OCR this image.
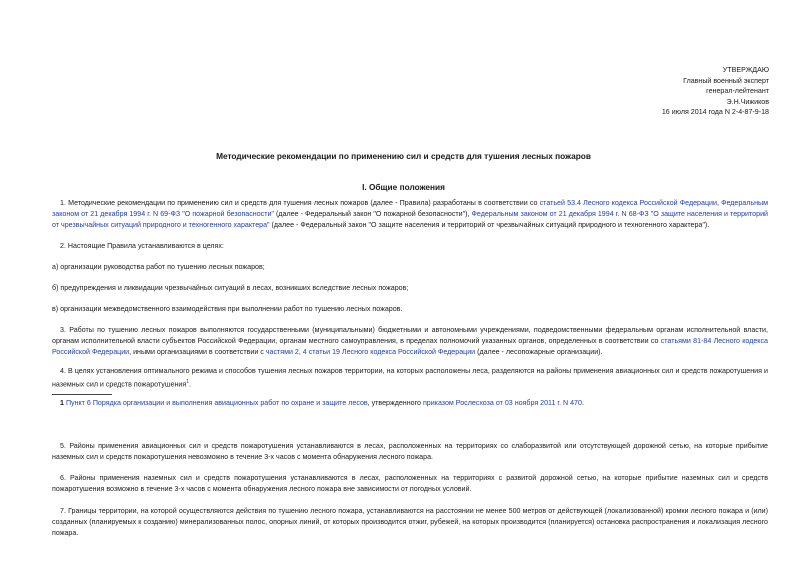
УТВЕРЖДАЮ
Главный военный эксперт
генерал-лейтенант
Э.Н.Чижиков
16 июля 2014 года N 2-4-87-9-18
Методические рекомендации по применению сил и средств для тушения лесных пожаров
I. Общие положения
1. Методические рекомендации по применению сил и средств для тушения лесных пожаров (далее - Правила) разработаны в соответствии со статьей 53.4 Лесного кодекса Российской Федерации, Федеральным законом от 21 декабря 1994 г. N 69-ФЗ "О пожарной безопасности" (далее - Федеральный закон "О пожарной безопасности"), Федеральным законом от 21 декабря 1994 г. N 68-ФЗ "О защите населения и территорий от чрезвычайных ситуаций природного и техногенного характера" (далее - Федеральный закон "О защите населения и территорий от чрезвычайных ситуаций природного и техногенного характера").
2. Настоящие Правила устанавливаются в целях:
а) организации руководства работ по тушению лесных пожаров;
б) предупреждения и ликвидации чрезвычайных ситуаций в лесах, возникших вследствие лесных пожаров;
в) организации межведомственного взаимодействия при выполнении работ по тушению лесных пожаров.
3. Работы по тушению лесных пожаров выполняются государственными (муниципальными) бюджетными и автономными учреждениями, подведомственными федеральным органам исполнительной власти, органам исполнительной власти субъектов Российской Федерации, органам местного самоуправления, в пределах полномочий указанных органов, определенных в соответствии со статьями 81-84 Лесного кодекса Российской Федерации, иными организациями в соответствии с частями 2, 4 статьи 19 Лесного кодекса Российской Федерации (далее - лесопожарные организации).
4. В целях установления оптимального режима и способов тушения лесных пожаров территории, на которых расположены леса, разделяются на районы применения авиационных сил и средств пожаротушения и наземных сил и средств пожаротушения$^1$.
1 Пункт 6 Порядка организации и выполнения авиационных работ по охране и защите лесов, утвержденного приказом Рослесхоза от 03 ноября 2011 г. N 470.
5. Районы применения авиационных сил и средств пожаротушения устанавливаются в лесах, расположенных на территориях со слаборазвитой или отсутствующей дорожной сетью, на которые прибытие наземных сил и средств пожаротушения невозможно в течение 3-х часов с момента обнаружения лесного пожара.
6. Районы применения наземных сил и средств пожаротушения устанавливаются в лесах, расположенных на территориях с развитой дорожной сетью, на которые прибытие наземных сил и средств пожаротушения возможно в течение 3-х часов с момента обнаружения лесного пожара вне зависимости от погодных условий.
7. Границы территории, на которой осуществляются действия по тушению лесного пожара, устанавливаются на расстоянии не менее 500 метров от действующей (локализованной) кромки лесного пожара и (или) созданных (планируемых к созданию) минерализованных полос, опорных линий, от которых производится отжиг, рубежей, на которых производится (планируется) остановка распространения и локализация лесного пожара.
